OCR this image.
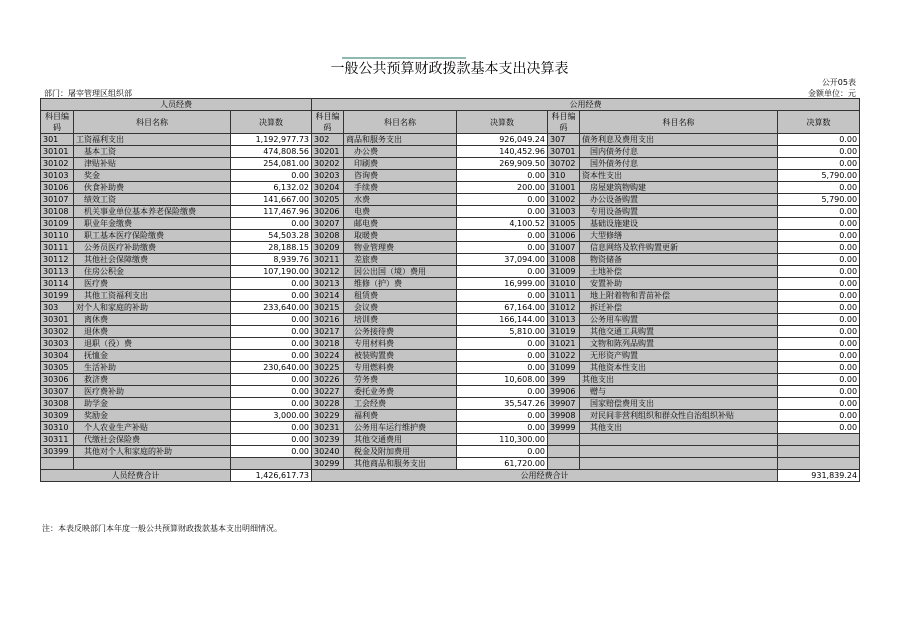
一般公共预算财政拨款基本支出决算表
公开05表
部门：屠宰管理区组织部	金额单位：元
人员经费			公用经费					
科目编码	科目名称	决算数	科目编码	科目名称	决算数	科目编码	科目名称	决算数
301	工资福利支出	1,192,977.73	302	商品和服务支出	926,049.24	307	债务利息及费用支出	0.00
30101	基本工资	474,808.56	30201	办公费	140,452.96	30701	国内债务付息	0.00
30102	津贴补贴	254,081.00	30202	印刷费	269,909.50	30702	国外债务付息	0.00
30103	奖金	0.00	30203	咨询费	0.00	310	资本性支出	5,790.00
30106	伙食补助费	6,132.02	30204	手续费	200.00	31001	房屋建筑物购建	0.00
30107	绩效工资	141,667.00	30205	水费	0.00	31002	办公设备购置	5,790.00
30108	机关事业单位基本养老保险缴费	117,467.96	30206	电费	0.00	31003	专用设备购置	0.00
30109	职业年金缴费	0.00	30207	邮电费	4,100.52	31005	基础设施建设	0.00
30110	职工基本医疗保险缴费	54,503.28	30208	取暖费	0.00	31006	大型修缮	0.00
30111	公务员医疗补助缴费	28,188.15	30209	物业管理费	0.00	31007	信息网络及软件购置更新	0.00
30112	其他社会保障缴费	8,939.76	30211	差旅费	37,094.00	31008	物资储备	0.00
30113	住房公积金	107,190.00	30212	因公出国（境）费用	0.00	31009	土地补偿	0.00
30114	医疗费	0.00	30213	维修（护）费	16,999.00	31010	安置补助	0.00
30199	其他工资福利支出	0.00	30214	租赁费	0.00	31011	地上附着物和青苗补偿	0.00
303	对个人和家庭的补助	233,640.00	30215	会议费	67,164.00	31012	拆迁补偿	0.00
30301	离休费	0.00	30216	培训费	166,144.00	31013	公务用车购置	0.00
30302	退休费	0.00	30217	公务接待费	5,810.00	31019	其他交通工具购置	0.00
30303	退职（役）费	0.00	30218	专用材料费	0.00	31021	文物和陈列品购置	0.00
30304	抚恤金	0.00	30224	被装购置费	0.00	31022	无形资产购置	0.00
30305	生活补助	230,640.00	30225	专用燃料费	0.00	31099	其他资本性支出	0.00
30306	救济费	0.00	30226	劳务费	10,608.00	399	其他支出	0.00
30307	医疗费补助	0.00	30227	委托业务费	0.00	39906	赠与	0.00
30308	助学金	0.00	30228	工会经费	35,547.26	39907	国家赔偿费用支出	0.00
30309	奖励金	3,000.00	30229	福利费	0.00	39908	对民间非营利组织和群众性自治组织补贴	0.00
30310	个人农业生产补贴	0.00	30231	公务用车运行维护费	0.00	39999	其他支出	0.00
30311	代缴社会保险费	0.00	30239	其他交通费用	110,300.00			
30399	其他对个人和家庭的补助	0.00	30240	税金及附加费用	0.00			
			30299	其他商品和服务支出	61,720.00			
人员经费合计		1,426,617.73	公用经费合计					931,839.24
注：本表反映部门本年度一般公共预算财政拨款基本支出明细情况。
